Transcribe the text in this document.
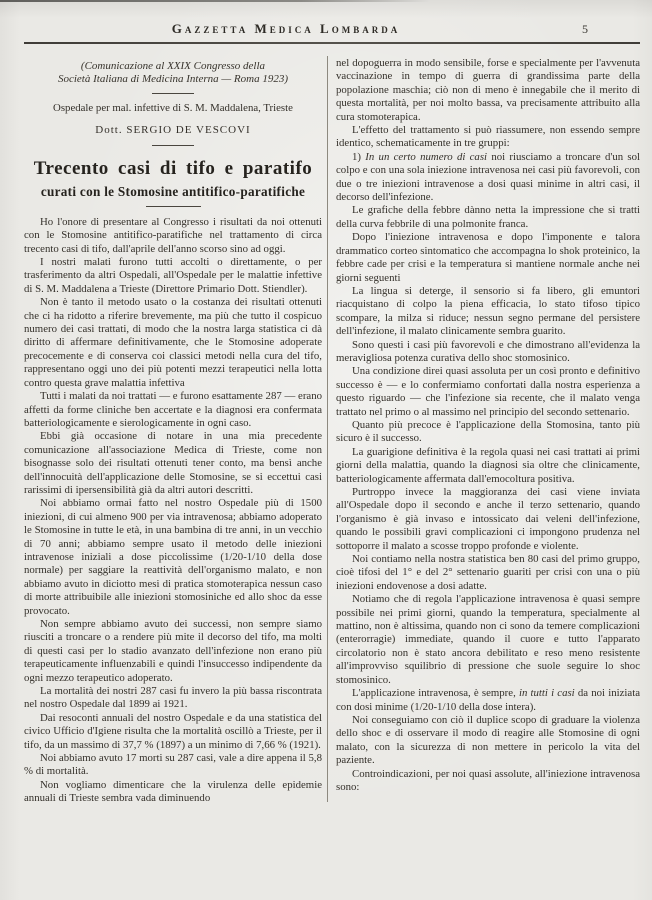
Gazzetta Medica Lombarda	5

(Comunicazione al XXIX Congresso della
Società Italiana di Medicina Interna — Roma 1923)

Ospedale per mal. infettive di S. M. Maddalena, Trieste

Dott. SERGIO DE VESCOVI

Trecento casi di tifo e paratifo
curati con le Stomosine antitifico-paratifiche

Ho l'onore di presentare al Congresso i risultati da noi ottenuti con le Stomosine antitifico-paratifiche nel trattamento di circa trecento casi di tifo, dall'aprile dell'anno scorso sino ad oggi.

I nostri malati furono tutti accolti o direttamente, o per trasferimento da altri Ospedali, all'Ospedale per le malattie infettive di S. M. Maddalena a Trieste (Direttore Primario Dott. Stiendler).

Non è tanto il metodo usato o la costanza dei risultati ottenuti che ci ha ridotto a riferire brevemente, ma più che tutto il cospicuo numero dei casi trattati, di modo che la nostra larga statistica ci dà diritto di affermare definitivamente, che le Stomosine adoperate precocemente e di conserva coi classici metodi nella cura del tifo, rappresentano oggi uno dei più potenti mezzi terapeutici nella lotta contro questa grave malattia infettiva

Tutti i malati da noi trattati — e furono esattamente 287 — erano affetti da forme cliniche ben accertate e la diagnosi era confermata batteriologicamente e sierologicamente in ogni caso.

Ebbi già occasione di notare in una mia precedente comunicazione all'associazione Medica di Trieste, come non bisognasse solo dei risultati ottenuti tener conto, ma bensì anche dell'innocuità dell'applicazione delle Stomosine, se si eccettui casi rarissimi di ipersensibilità già da altri autori descritti.

Noi abbiamo ormai fatto nel nostro Ospedale più di 1500 iniezioni, di cui almeno 900 per via intravenosa; abbiamo adoperato le Stomosine in tutte le età, in una bambina di tre anni, in un vecchio di 70 anni; abbiamo sempre usato il metodo delle iniezioni intravenose iniziali a dose piccolissime (1/20-1/10 della dose normale) per saggiare la reattività dell'organismo malato, e non abbiamo avuto in diciotto mesi di pratica stomoterapica nessun caso di morte attribuibile alle iniezioni stomosiniche ed allo shoc da esse provocato.

Non sempre abbiamo avuto dei successi, non sempre siamo riusciti a troncare o a rendere più mite il decorso del tifo, ma molti di questi casi per lo stadio avanzato dell'infezione non erano più terapeuticamente influenzabili e quindi l'insuccesso indipendente da ogni mezzo terapeutico adoperato.

La mortalità dei nostri 287 casi fu invero la più bassa riscontrata nel nostro Ospedale dal 1899 ai 1921.

Dai resoconti annuali del nostro Ospedale e da una statistica del civico Ufficio d'Igiene risulta che la mortalità oscillò a Trieste, per il tifo, da un massimo di 37,7 % (1897) a un minimo di 7,66 % (1921).

Noi abbiamo avuto 17 morti su 287 casi, vale a dire appena il 5,8 % di mortalità.

Non vogliamo dimenticare che la virulenza delle epidemie annuali di Trieste sembra vada diminuendo

nel dopoguerra in modo sensibile, forse e specialmente per l'avvenuta vaccinazione in tempo di guerra di grandissima parte della popolazione maschia; ciò non di meno è innegabile che il merito di questa mortalità, per noi molto bassa, va precisamente attribuito alla cura stomoterapica.

L'effetto del trattamento si può riassumere, non essendo sempre identico, schematicamente in tre gruppi:

1) In un certo numero di casi noi riusciamo a troncare d'un sol colpo e con una sola iniezione intravenosa nei casi più favorevoli, con due o tre iniezioni intravenose a dosi quasi minime in altri casi, il decorso dell'infezione.

Le grafiche della febbre dànno netta la impressione che si tratti della curva febbrile di una polmonite franca.

Dopo l'iniezione intravenosa e dopo l'imponente e talora drammatico corteo sintomatico che accompagna lo shok proteinico, la febbre cade per crisi e la temperatura si mantiene normale anche nei giorni seguenti

La lingua si deterge, il sensorio si fa libero, gli emuntori riacquistano di colpo la piena efficacia, lo stato tifoso tipico scompare, la milza si riduce; nessun segno permane del persistere dell'infezione, il malato clinicamente sembra guarito.

Sono questi i casi più favorevoli e che dimostrano all'evidenza la meravigliosa potenza curativa dello shoc stomosinico.

Una condizione direi quasi assoluta per un così pronto e definitivo successo è — e lo confermiamo confortati dalla nostra esperienza a questo riguardo — che l'infezione sia recente, che il malato venga trattato nel primo o al massimo nel principio del secondo settenario.

Quanto più precoce è l'applicazione della Stomosina, tanto più sicuro è il successo.

La guarigione definitiva è la regola quasi nei casi trattati ai primi giorni della malattia, quando la diagnosi sia oltre che clinicamente, batteriologicamente affermata dall'emocoltura positiva.

Purtroppo invece la maggioranza dei casi viene inviata all'Ospedale dopo il secondo e anche il terzo settenario, quando l'organismo è già invaso e intossicato dai veleni dell'infezione, quando le possibili gravi complicazioni ci impongono prudenza nel sottoporre il malato a scosse troppo profonde e violente.

Noi contiamo nella nostra statistica ben 80 casi del primo gruppo, cioè tifosi del 1° e del 2° settenario guariti per crisi con una o più iniezioni endovenose a dosi adatte.

Notiamo che di regola l'applicazione intravenosa è quasi sempre possibile nei primi giorni, quando la temperatura, specialmente al mattino, non è altissima, quando non ci sono da temere complicazioni (enterorragie) immediate, quando il cuore e tutto l'apparato circolatorio non è stato ancora debilitato e reso meno resistente all'improvviso squilibrio di pressione che suole seguire lo shoc stomosinico.

L'applicazione intravenosa, è sempre, in tutti i casi da noi iniziata con dosi minime (1/20-1/10 della dose intera).

Noi conseguiamo con ciò il duplice scopo di graduare la violenza dello shoc e di osservare il modo di reagire alle Stomosine di ogni malato, con la sicurezza di non mettere in pericolo la vita del paziente.

Controindicazioni, per noi quasi assolute, all'iniezione intravenosa sono:
